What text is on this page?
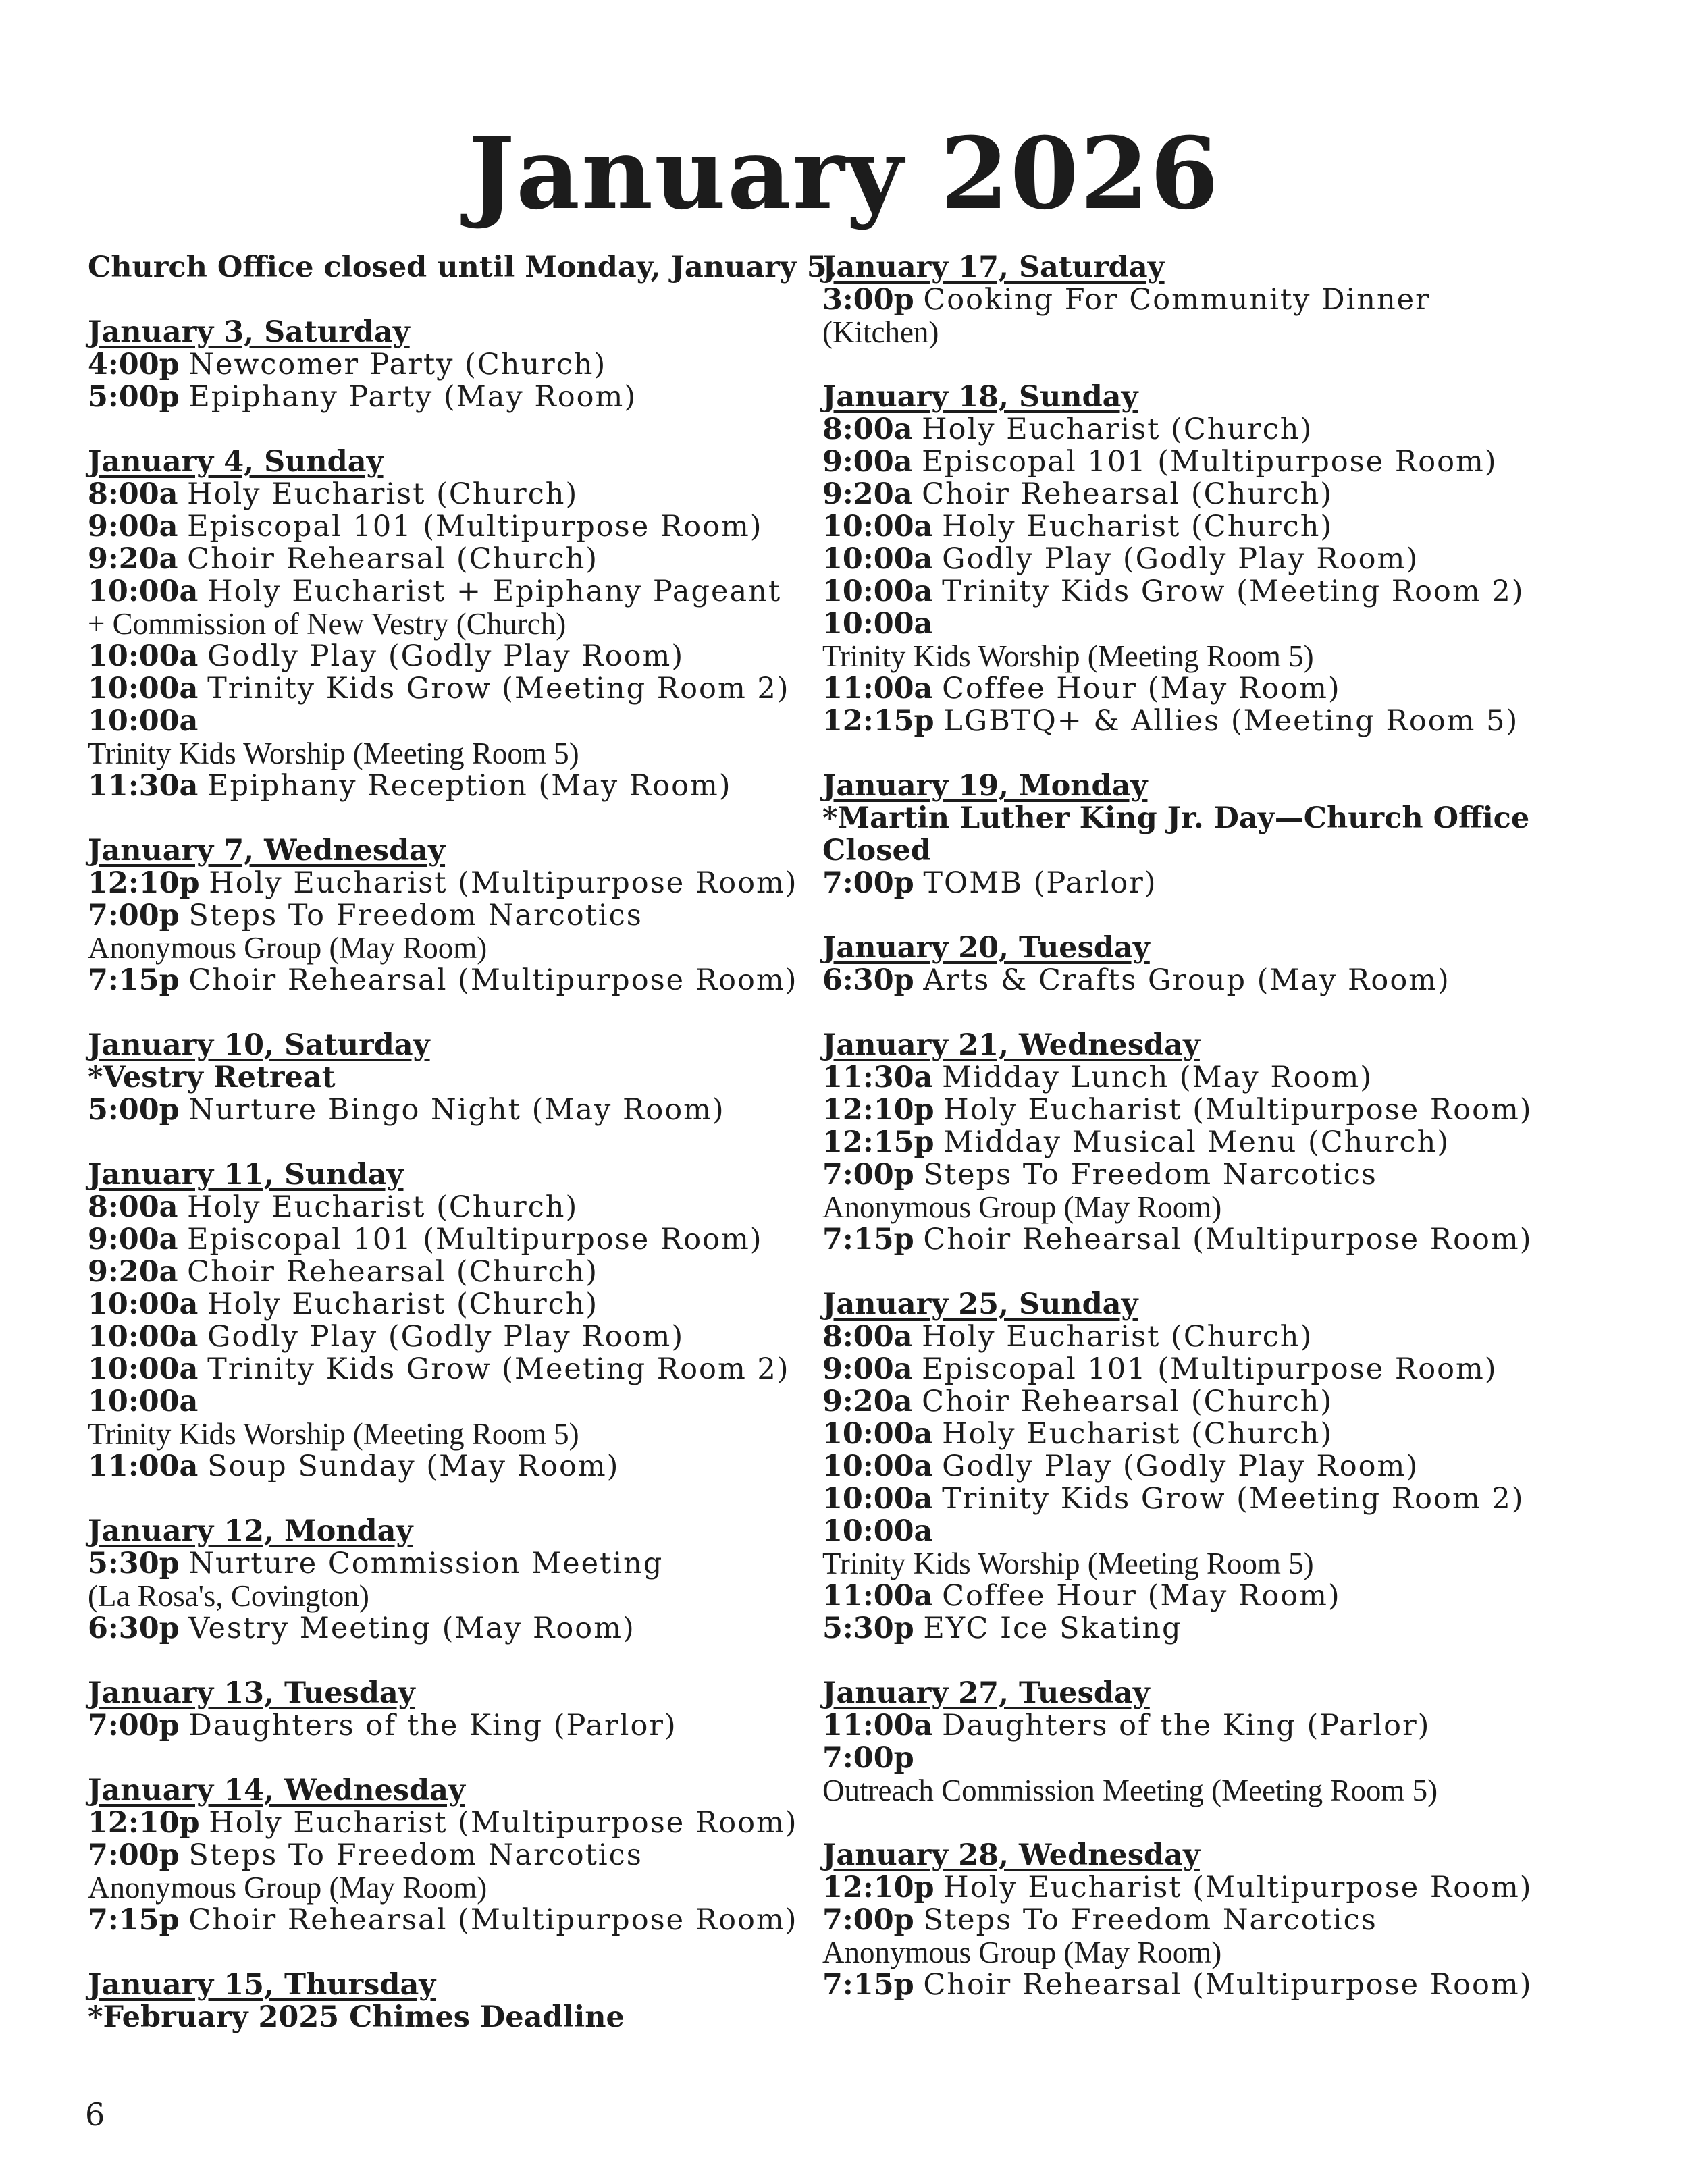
January 2026
Church Office closed until Monday, January 5.
January 3, Saturday
4:00p Newcomer Party (Church)
5:00p Epiphany Party (May Room)
January 4, Sunday
8:00a Holy Eucharist (Church)
9:00a Episcopal 101 (Multipurpose Room)
9:20a Choir Rehearsal (Church)
10:00a Holy Eucharist + Epiphany Pageant
+ Commission of New Vestry (Church)
10:00a Godly Play (Godly Play Room)
10:00a Trinity Kids Grow (Meeting Room 2)
10:00a
Trinity Kids Worship (Meeting Room 5)
11:30a Epiphany Reception (May Room)
January 7, Wednesday
12:10p Holy Eucharist (Multipurpose Room)
7:00p Steps To Freedom Narcotics
Anonymous Group (May Room)
7:15p Choir Rehearsal (Multipurpose Room)
January 10, Saturday
*Vestry Retreat
5:00p Nurture Bingo Night (May Room)
January 11, Sunday
8:00a Holy Eucharist (Church)
9:00a Episcopal 101 (Multipurpose Room)
9:20a Choir Rehearsal (Church)
10:00a Holy Eucharist (Church)
10:00a Godly Play (Godly Play Room)
10:00a Trinity Kids Grow (Meeting Room 2)
10:00a
Trinity Kids Worship (Meeting Room 5)
11:00a Soup Sunday (May Room)
January 12, Monday
5:30p Nurture Commission Meeting
(La Rosa's, Covington)
6:30p Vestry Meeting (May Room)
January 13, Tuesday
7:00p Daughters of the King (Parlor)
January 14, Wednesday
12:10p Holy Eucharist (Multipurpose Room)
7:00p Steps To Freedom Narcotics
Anonymous Group (May Room)
7:15p Choir Rehearsal (Multipurpose Room)
January 15, Thursday
*February 2025 Chimes Deadline
January 17, Saturday
3:00p Cooking For Community Dinner
(Kitchen)
January 18, Sunday
8:00a Holy Eucharist (Church)
9:00a Episcopal 101 (Multipurpose Room)
9:20a Choir Rehearsal (Church)
10:00a Holy Eucharist (Church)
10:00a Godly Play (Godly Play Room)
10:00a Trinity Kids Grow (Meeting Room 2)
10:00a
Trinity Kids Worship (Meeting Room 5)
11:00a Coffee Hour (May Room)
12:15p LGBTQ+ & Allies (Meeting Room 5)
January 19, Monday
*Martin Luther King Jr. Day—Church Office
Closed
7:00p TOMB (Parlor)
January 20, Tuesday
6:30p Arts & Crafts Group (May Room)
January 21, Wednesday
11:30a Midday Lunch (May Room)
12:10p Holy Eucharist (Multipurpose Room)
12:15p Midday Musical Menu (Church)
7:00p Steps To Freedom Narcotics
Anonymous Group (May Room)
7:15p Choir Rehearsal (Multipurpose Room)
January 25, Sunday
8:00a Holy Eucharist (Church)
9:00a Episcopal 101 (Multipurpose Room)
9:20a Choir Rehearsal (Church)
10:00a Holy Eucharist (Church)
10:00a Godly Play (Godly Play Room)
10:00a Trinity Kids Grow (Meeting Room 2)
10:00a
Trinity Kids Worship (Meeting Room 5)
11:00a Coffee Hour (May Room)
5:30p EYC Ice Skating
January 27, Tuesday
11:00a Daughters of the King (Parlor)
7:00p
Outreach Commission Meeting (Meeting Room 5)
January 28, Wednesday
12:10p Holy Eucharist (Multipurpose Room)
7:00p Steps To Freedom Narcotics
Anonymous Group (May Room)
7:15p Choir Rehearsal (Multipurpose Room)
6
